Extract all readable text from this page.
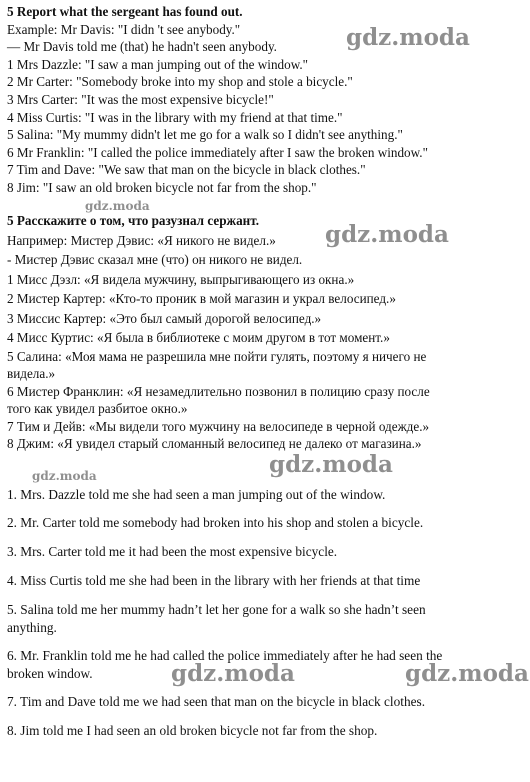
5 Report what the sergeant has found out.
Example: Mr Davis: "I didn 't see anybody."
— Mr Davis told me (that) he hadn't seen anybody.
1 Mrs Dazzle: "I saw a man jumping out of the window."
2 Mr Carter: "Somebody broke into my shop and stole a bicycle."
3 Mrs Carter: "It was the most expensive bicycle!"
4 Miss Curtis: "I was in the library with my friend at that time."
5 Salina: "My mummy didn't let me go for a walk so I didn't see anything."
6 Mr Franklin: "I called the police immediately after I saw the broken window."
7 Tim and Dave: "We saw that man on the bicycle in black clothes."
8 Jim: "I saw an old broken bicycle not far from the shop."
5 Расскажите о том, что разузнал сержант.
Например: Мистер Дэвис: «Я никого не видел.»
- Мистер Дэвис сказал мне (что) он никого не видел.
1 Мисс Дэзл: «Я видела мужчину, выпрыгивающего из окна.»
2 Мистер Картер: «Кто-то проник в мой магазин и украл велосипед.»
3 Миссис Картер: «Это был самый дорогой велосипед.»
4 Мисс Куртис: «Я была в библиотеке с моим другом в тот момент.»
5 Салина: «Моя мама не разрешила мне пойти гулять, поэтому я ничего не
видела.»
6 Мистер Франклин: «Я незамедлительно позвонил в полицию сразу после
того как увидел разбитое окно.»
7 Тим и Дейв: «Мы видели того мужчину на велосипеде в черной одежде.»
8 Джим: «Я увидел старый сломанный велосипед не далеко от магазина.»
1. Mrs. Dazzle told me she had seen a man jumping out of the window.
2. Mr. Carter told me somebody had broken into his shop and stolen a bicycle.
3. Mrs. Carter told me it had been the most expensive bicycle.
4. Miss Curtis told me she had been in the library with her friends at that time
5. Salina told me her mummy hadn’t let her gone for a walk so she hadn’t seen
anything.
6. Mr. Franklin told me he had called the police immediately after he had seen the
broken window.
7. Tim and Dave told me we had seen that man on the bicycle in black clothes.
8. Jim told me I had seen an old broken bicycle not far from the shop.
gdz.moda
gdz.moda
gdz.moda
gdz.moda
gdz.moda
gdz.moda	gdz.moda
